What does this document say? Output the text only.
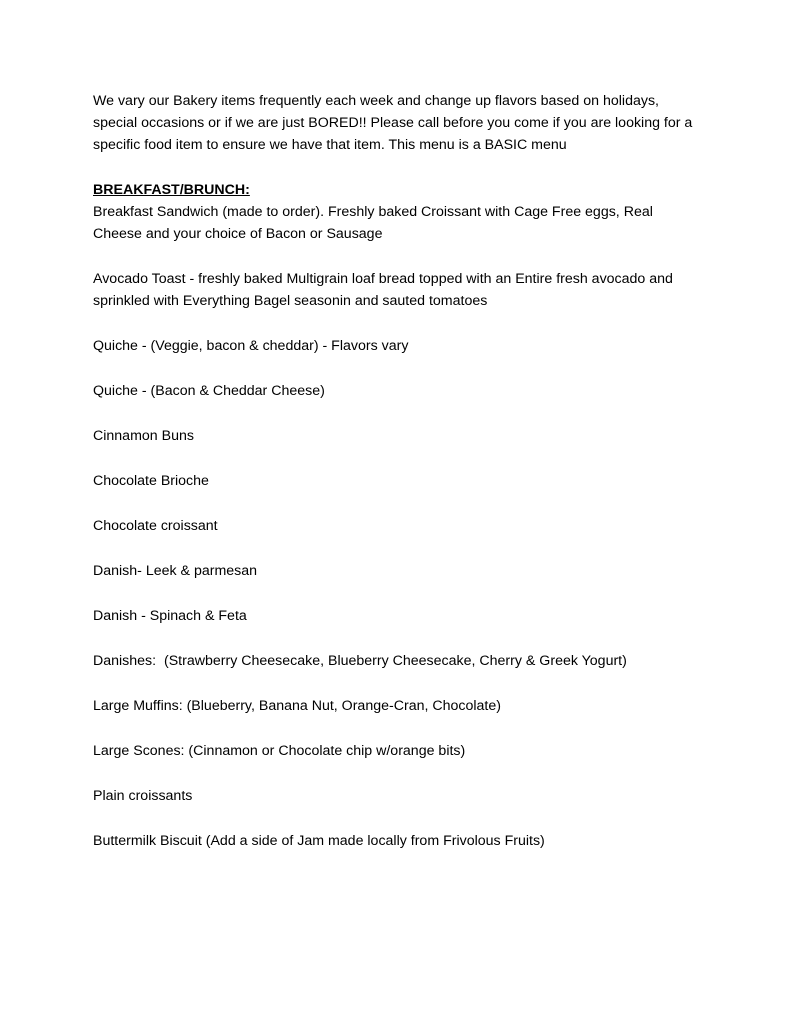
We vary our Bakery items frequently each week and change up flavors based on holidays, special occasions or if we are just BORED!! Please call before you come if you are looking for a specific food item to ensure we have that item. This menu is a BASIC menu

BREAKFAST/BRUNCH:

Breakfast Sandwich (made to order). Freshly baked Croissant with Cage Free eggs, Real Cheese and your choice of Bacon or Sausage

Avocado Toast - freshly baked Multigrain loaf bread topped with an Entire fresh avocado and sprinkled with Everything Bagel seasonin and sauted tomatoes

Quiche - (Veggie, bacon & cheddar) - Flavors vary

Quiche - (Bacon & Cheddar Cheese)

Cinnamon Buns

Chocolate Brioche

Chocolate croissant

Danish- Leek & parmesan

Danish - Spinach & Feta

Danishes:  (Strawberry Cheesecake, Blueberry Cheesecake, Cherry & Greek Yogurt)

Large Muffins: (Blueberry, Banana Nut, Orange-Cran, Chocolate)

Large Scones: (Cinnamon or Chocolate chip w/orange bits)

Plain croissants

Buttermilk Biscuit (Add a side of Jam made locally from Frivolous Fruits)
